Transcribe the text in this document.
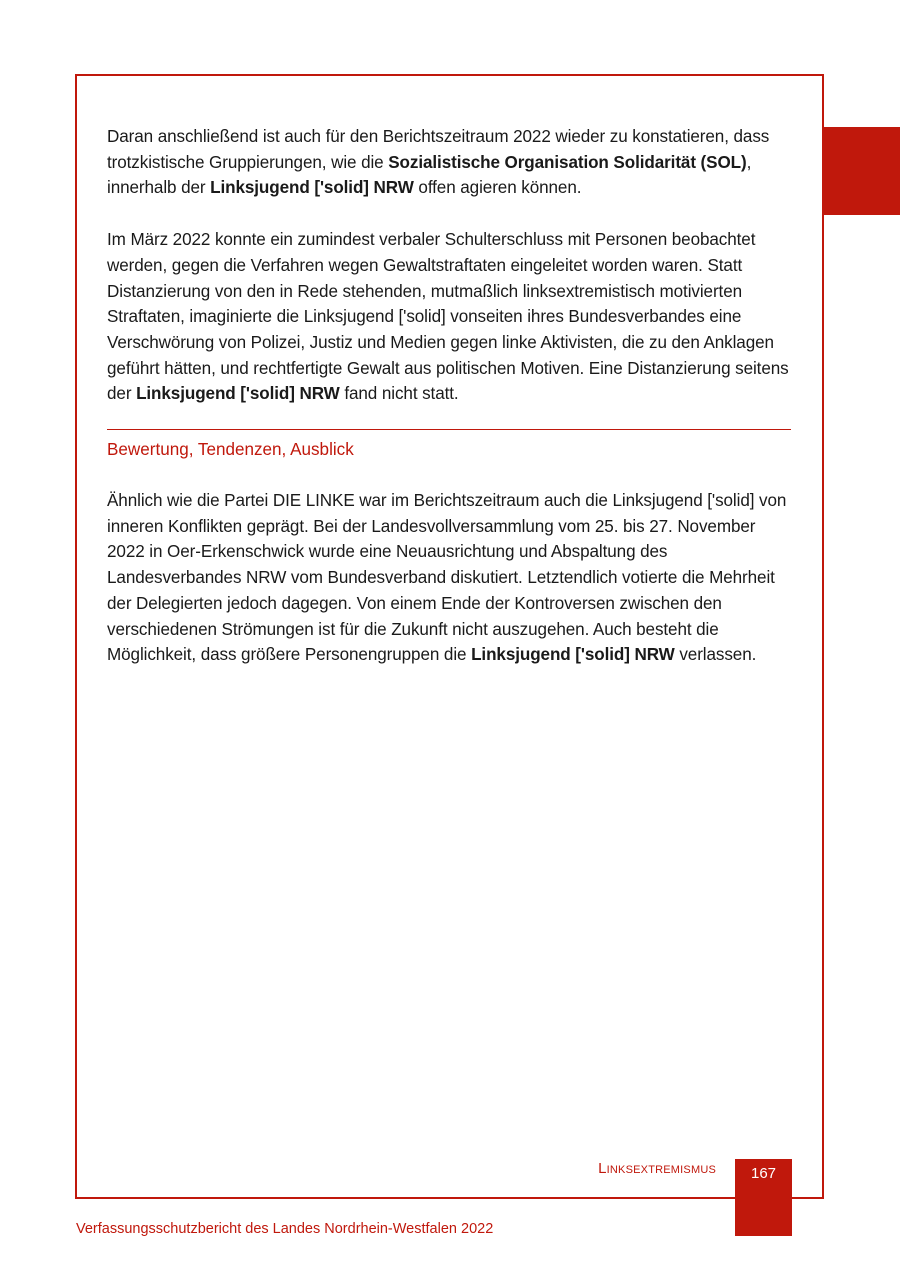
Daran anschließend ist auch für den Berichtszeitraum 2022 wieder zu konstatieren, dass trotzkistische Gruppierungen, wie die Sozialistische Organisation Solidarität (SOL), innerhalb der Linksjugend ['solid] NRW offen agieren können.

Im März 2022 konnte ein zumindest verbaler Schulterschluss mit Personen beobachtet werden, gegen die Verfahren wegen Gewaltstraftaten eingeleitet worden waren. Statt Distanzierung von den in Rede stehenden, mutmaßlich linksextremistisch motivierten Straftaten, imaginierte die Linksjugend ['solid] vonseiten ihres Bundesverbandes eine Verschwörung von Polizei, Justiz und Medien gegen linke Aktivisten, die zu den Anklagen geführt hätten, und rechtfertigte Gewalt aus politischen Motiven. Eine Distanzierung seitens der Linksjugend ['solid] NRW fand nicht statt.

Bewertung, Tendenzen, Ausblick

Ähnlich wie die Partei DIE LINKE war im Berichtszeitraum auch die Linksjugend ['solid] von inneren Konflikten geprägt. Bei der Landesvollversammlung vom 25. bis 27. November 2022 in Oer-Erkenschwick wurde eine Neuausrichtung und Abspaltung des Landesverbandes NRW vom Bundesverband diskutiert. Letztendlich votierte die Mehrheit der Delegierten jedoch dagegen. Von einem Ende der Kontroversen zwischen den verschiedenen Strömungen ist für die Zukunft nicht auszugehen. Auch besteht die Möglichkeit, dass größere Personengruppen die Linksjugend ['solid] NRW verlassen.

Linksextremismus	167
Verfassungsschutzbericht des Landes Nordrhein-Westfalen 2022
